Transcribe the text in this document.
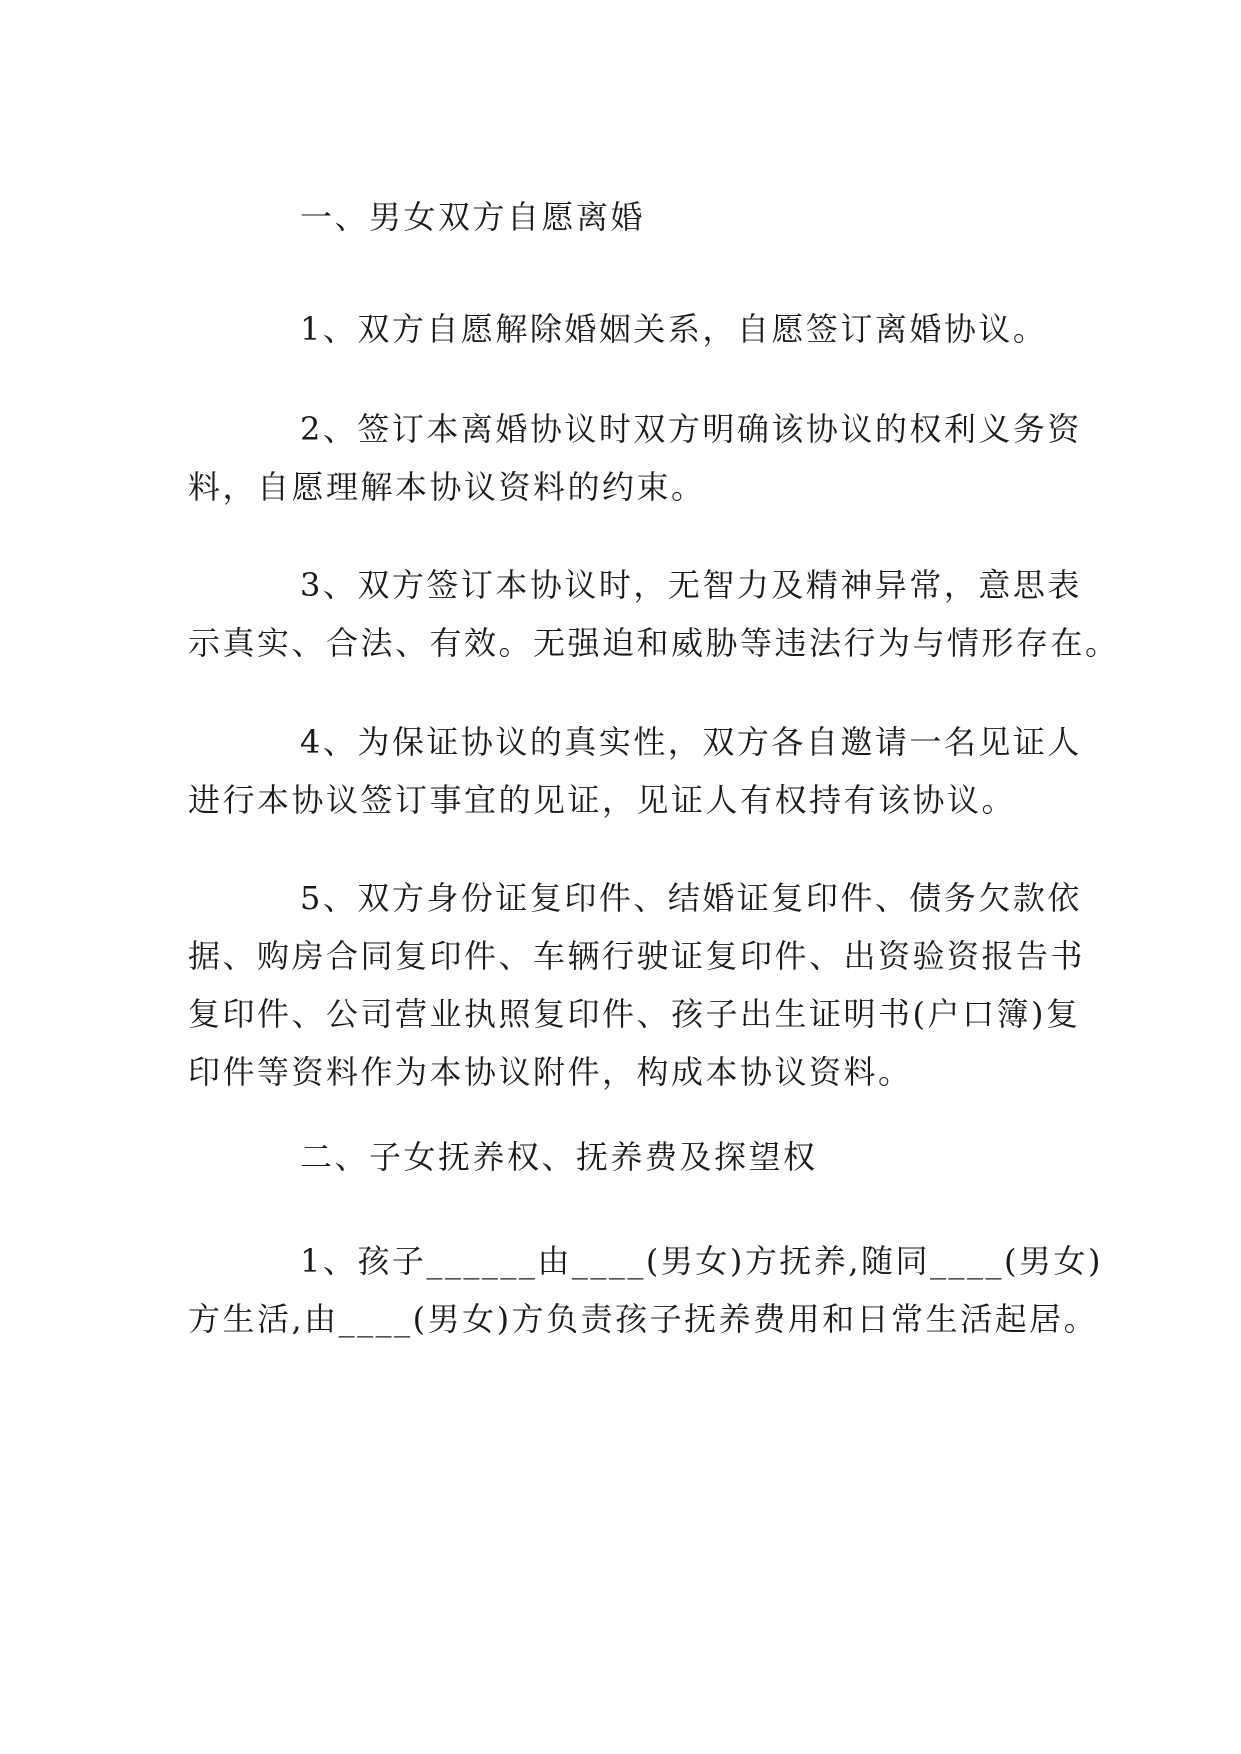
一、男女双方自愿离婚
1、双方自愿解除婚姻关系，自愿签订离婚协议。
2、签订本离婚协议时双方明确该协议的权利义务资
料，自愿理解本协议资料的约束。
3、双方签订本协议时，无智力及精神异常，意思表
示真实、合法、有效。无强迫和威胁等违法行为与情形存在。
4、为保证协议的真实性，双方各自邀请一名见证人
进行本协议签订事宜的见证，见证人有权持有该协议。
5、双方身份证复印件、结婚证复印件、债务欠款依
据、购房合同复印件、车辆行驶证复印件、出资验资报告书
复印件、公司营业执照复印件、孩子出生证明书(户口簿)复
印件等资料作为本协议附件，构成本协议资料。
二、子女抚养权、抚养费及探望权
1、孩子______由____(男女)方抚养,随同____(男女)
方生活,由____(男女)方负责孩子抚养费用和日常生活起居。
